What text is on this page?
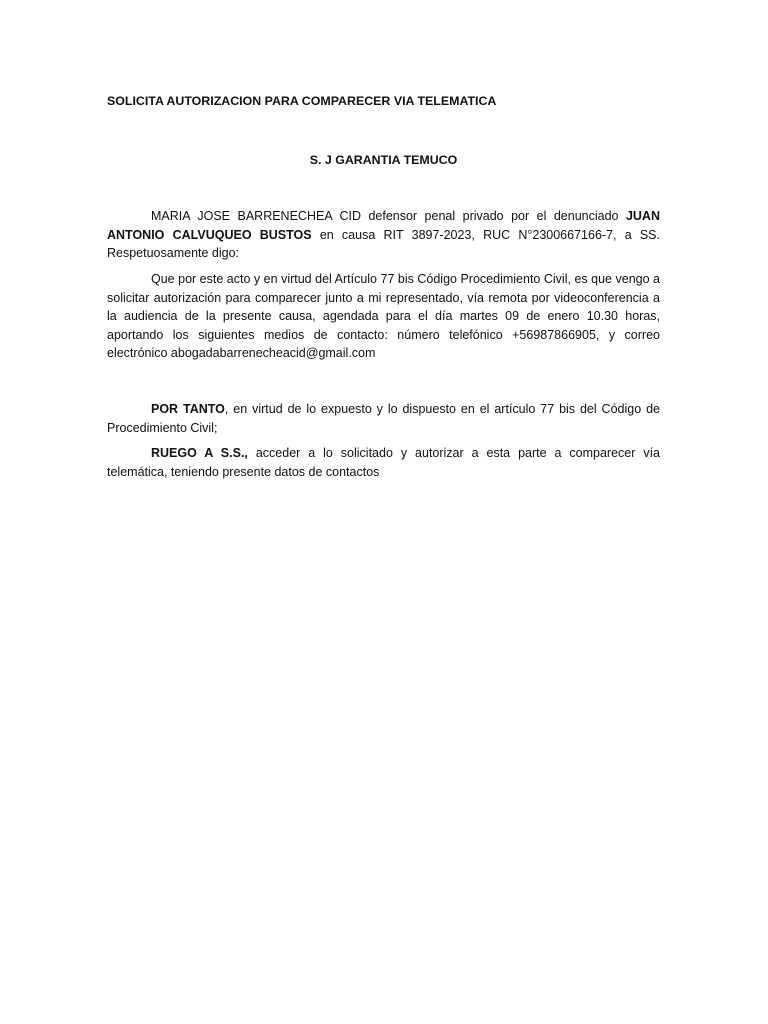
SOLICITA AUTORIZACION PARA COMPARECER VIA TELEMATICA

S. J GARANTIA TEMUCO

MARIA JOSE BARRENECHEA CID defensor penal privado por el denunciado JUAN ANTONIO CALVUQUEO BUSTOS en causa RIT 3897-2023, RUC N°2300667166-7, a SS. Respetuosamente digo:

Que por este acto y en virtud del Artículo 77 bis Código Procedimiento Civil, es que vengo a solicitar autorización para comparecer junto a mi representado, vía remota por videoconferencia a la audiencia de la presente causa, agendada para el día martes 09 de enero 10.30 horas, aportando los siguientes medios de contacto: número telefónico +56987866905, y correo electrónico abogadabarrenecheacid@gmail.com

POR TANTO, en virtud de lo expuesto y lo dispuesto en el artículo 77 bis del Código de Procedimiento Civil;

RUEGO A S.S., acceder a lo solicitado y autorizar a esta parte a comparecer vía telemática, teniendo presente datos de contactos
